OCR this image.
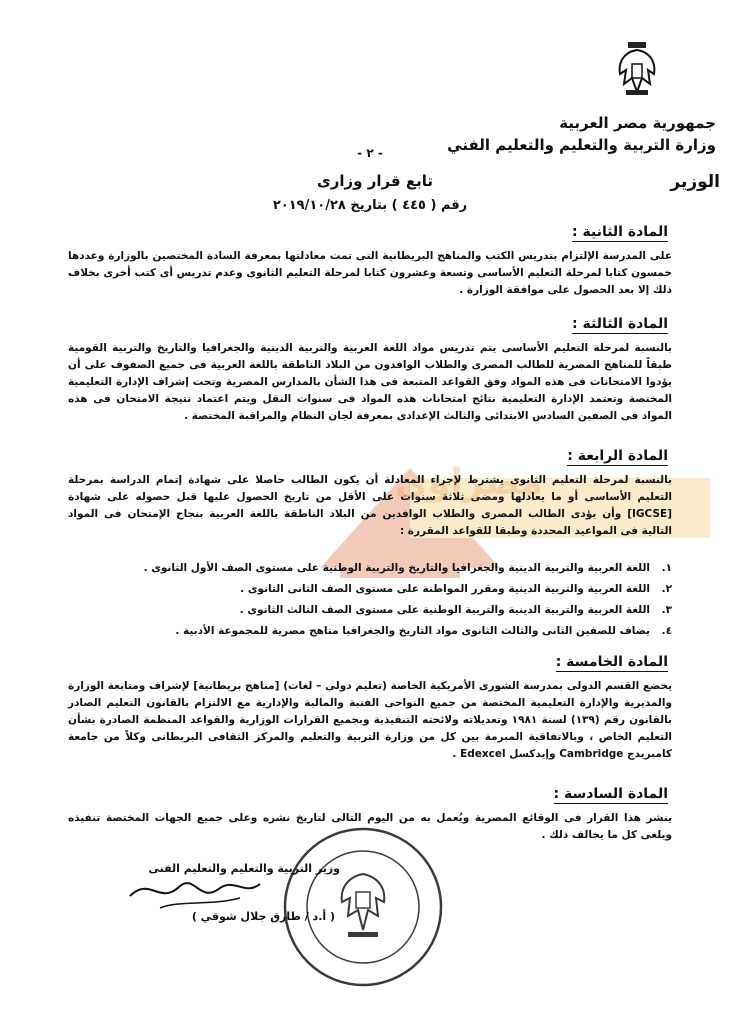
جمهورية مصر العربية
وزارة التربية والتعليم والتعليم الفني
الوزير
- ٢ -
تابع قرار وزارى
رقم ( ٤٤٥ ) بتاريخ ٢٠١٩/١٠/٢٨
المادة الثانية :
على المدرسة الإلتزام بتدريس الكتب والمناهج البريطانية التى تمت معادلتها بمعرفة السادة المختصين بالوزارة وعددها خمسون كتابا لمرحلة التعليم الأساسى وتسعة وعشرون كتابا لمرحلة التعليم الثانوى وعدم تدريس أى كتب أخرى بخلاف ذلك إلا بعد الحصول على موافقة الوزارة .
المادة الثالثة :
بالنسبة لمرحلة التعليم الأساسى يتم تدريس مواد اللغة العربية والتربية الدينية والجغرافيا والتاريخ والتربية القومية طبقاً للمناهج المصرية للطالب المصرى والطلاب الوافدون من البلاد الناطقة باللغة العربية فى جميع الصفوف على أن يؤدوا الامتحانات فى هذه المواد وفق القواعد المتبعة فى هذا الشأن بالمدارس المصرية وتحت إشراف الإدارة التعليمية المختصة وتعتمد الإدارة التعليمية نتائج امتحانات هذه المواد فى سنوات النقل ويتم اعتماد نتيجة الامتحان فى هذه المواد فى الصفين السادس الابتدائى والثالث الإعدادى بمعرفة لجان النظام والمراقبة المختصة .
مصراوى
المادة الرابعة :
بالنسبة لمرحلة التعليم الثانوى يشترط لإجراء المعادلة أن يكون الطالب حاصلا على شهادة إتمام الدراسة بمرحلة التعليم الأساسى أو ما يعادلها ومضى ثلاثة سنوات على الأقل من تاريخ الحصول عليها قبل حصوله على شهادة [IGCSE] وأن يؤدى الطالب المصرى والطلاب الوافدين من البلاد الناطقة باللغة العربية بنجاح الإمتحان فى المواد التالية فى المواعيد المحددة وطبقا للقواعد المقررة :
١.
اللغة العربية والتربية الدينية والجغرافيا والتاريخ والتربية الوطنية على مستوى الصف الأول الثانوى .
٢.
اللغة العربية والتربية الدينية ومقرر المواطنة على مستوى الصف الثانى الثانوى .
٣.
اللغة العربية والتربية الدينية والتربية الوطنية على مستوى الصف الثالث الثانوى .
٤.
يضاف للصفين الثانى والثالث الثانوى مواد التاريخ والجغرافيا مناهج مصرية للمجموعة الأدبية .
المادة الخامسة :
يخضع القسم الدولى بمدرسة الشورى الأمريكية الخاصة (تعليم دولى – لغات) [مناهج بريطانية] لإشراف ومتابعة الوزارة والمديرية والإدارة التعليمية المختصة من جميع النواحى الفنية والمالية والإدارية مع الالتزام بالقانون التعليم الصادر بالقانون رقم (١٣٩) لسنة ١٩٨١ وتعديلاته ولائحته التنفيذية وبجميع القرارات الوزارية والقواعد المنظمة الصادرة بشأن التعليم الخاص ، وبالاتفاقية المبرمة بين كل من وزارة التربية والتعليم والمركز الثقافى البريطانى وكلاً من جامعة كامبريدج Cambridge وإيدكسل Edexcel .
المادة السادسة :
ينشر هذا القرار فى الوقائع المصرية ويُعمل به من اليوم التالى لتاريخ نشره وعلى جميع الجهات المختصة تنفيذه ويلغى كل ما يخالف ذلك .
وزير التربية والتعليم والتعليم الفنى
( أ.د / طارق جلال شوقي )
